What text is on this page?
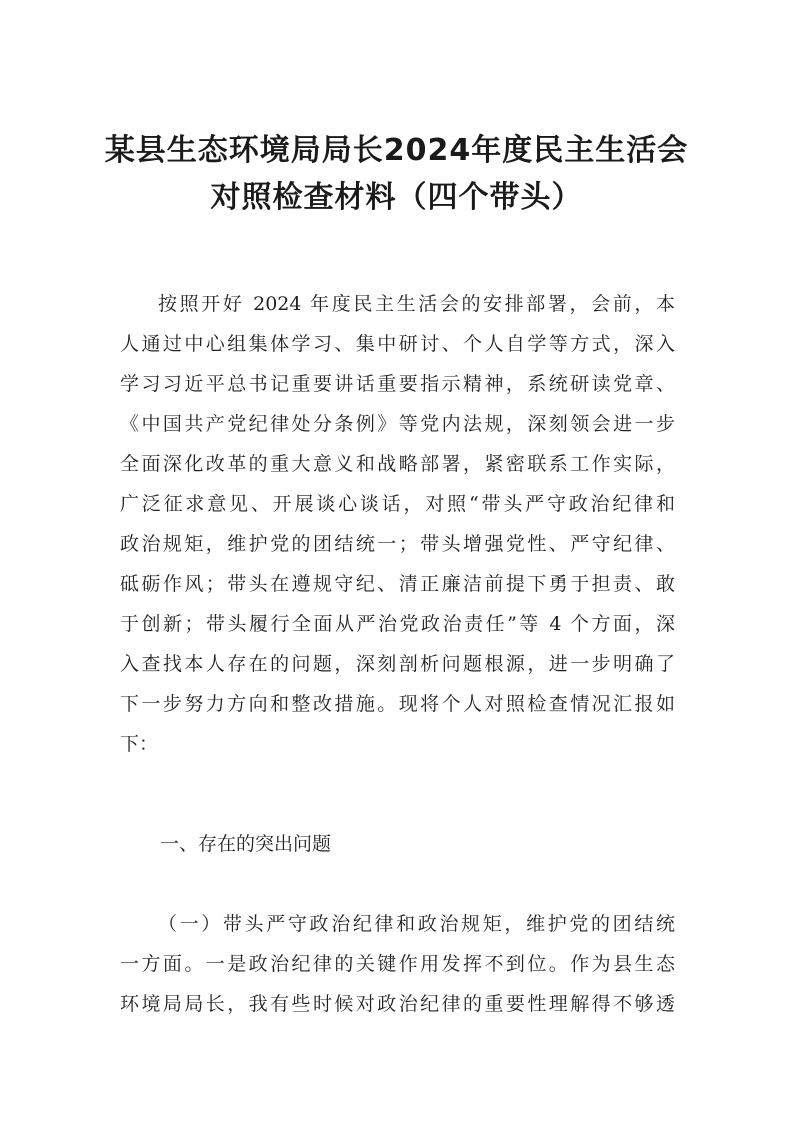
某县生态环境局局长2024年度民主生活会
对照检查材料（四个带头）
按照开好 2024 年度民主生活会的安排部署，会前，本
人通过中心组集体学习、集中研讨、个人自学等方式，深入
学习习近平总书记重要讲话重要指示精神，系统研读党章、
《中国共产党纪律处分条例》等党内法规，深刻领会进一步
全面深化改革的重大意义和战略部署，紧密联系工作实际，
广泛征求意见、开展谈心谈话，对照“带头严守政治纪律和
政治规矩，维护党的团结统一；带头增强党性、严守纪律、
砥砺作风；带头在遵规守纪、清正廉洁前提下勇于担责、敢
于创新；带头履行全面从严治党政治责任”等 4 个方面，深
入查找本人存在的问题，深刻剖析问题根源，进一步明确了
下一步努力方向和整改措施。现将个人对照检查情况汇报如
下：
一、存在的突出问题
（一）带头严守政治纪律和政治规矩，维护党的团结统
一方面。一是政治纪律的关键作用发挥不到位。作为县生态
环境局局长，我有些时候对政治纪律的重要性理解得不够透
